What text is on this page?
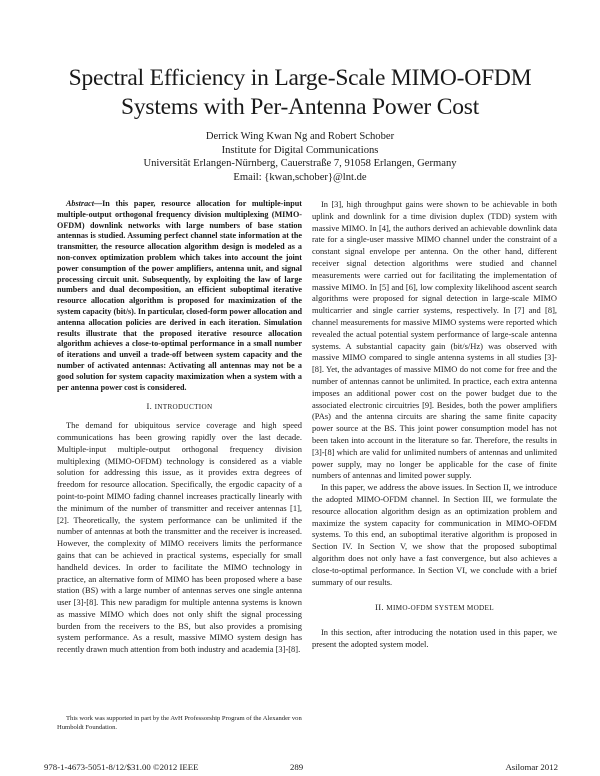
Spectral Efficiency in Large-Scale MIMO-OFDM Systems with Per-Antenna Power Cost
Derrick Wing Kwan Ng and Robert Schober
Institute for Digital Communications
Universität Erlangen-Nürnberg, Cauerstraße 7, 91058 Erlangen, Germany
Email: {kwan,schober}@lnt.de

Abstract—In this paper, resource allocation for multiple-input multiple-output orthogonal frequency division multiplexing (MIMO-OFDM) downlink networks with large numbers of base station antennas is studied. Assuming perfect channel state information at the transmitter, the resource allocation algorithm design is modeled as a non-convex optimization problem which takes into account the joint power consumption of the power amplifiers, antenna unit, and signal processing circuit unit. Subsequently, by exploiting the law of large numbers and dual decomposition, an efficient suboptimal iterative resource allocation algorithm is proposed for maximization of the system capacity (bit/s). In particular, closed-form power allocation and antenna allocation policies are derived in each iteration. Simulation results illustrate that the proposed iterative resource allocation algorithm achieves a close-to-optimal performance in a small number of iterations and unveil a trade-off between system capacity and the number of activated antennas: Activating all antennas may not be a good solution for system capacity maximization when a system with a per antenna power cost is considered.

I. INTRODUCTION

The demand for ubiquitous service coverage and high speed communications has been growing rapidly over the last decade. Multiple-input multiple-output orthogonal frequency division multiplexing (MIMO-OFDM) technology is considered as a viable solution for addressing this issue, as it provides extra degrees of freedom for resource allocation. Specifically, the ergodic capacity of a point-to-point MIMO fading channel increases practically linearly with the minimum of the number of transmitter and receiver antennas [1], [2]. Theoretically, the system performance can be unlimited if the number of antennas at both the transmitter and the receiver is increased. However, the complexity of MIMO receivers limits the performance gains that can be achieved in practical systems, especially for small handheld devices. In order to facilitate the MIMO technology in practice, an alternative form of MIMO has been proposed where a base station (BS) with a large number of antennas serves one single antenna user [3]-[8]. This new paradigm for multiple antenna systems is known as massive MIMO which does not only shift the signal processing burden from the receivers to the BS, but also provides a promising system performance. As a result, massive MIMO system design has recently drawn much attention from both industry and academia [3]-[8].

This work was supported in part by the AvH Professorship Program of the Alexander von Humboldt Foundation.

In [3], high throughput gains were shown to be achievable in both uplink and downlink for a time division duplex (TDD) system with massive MIMO. In [4], the authors derived an achievable downlink data rate for a single-user massive MIMO channel under the constraint of a constant signal envelope per antenna. On the other hand, different receiver signal detection algorithms were studied and channel measurements were carried out for facilitating the implementation of massive MIMO. In [5] and [6], low complexity likelihood ascent search algorithms were proposed for signal detection in large-scale MIMO multicarrier and single carrier systems, respectively. In [7] and [8], channel measurements for massive MIMO systems were reported which revealed the actual potential system performance of large-scale antenna systems. A substantial capacity gain (bit/s/Hz) was observed with massive MIMO compared to single antenna systems in all studies [3]-[8]. Yet, the advantages of massive MIMO do not come for free and the number of antennas cannot be unlimited. In practice, each extra antenna imposes an additional power cost on the power budget due to the associated electronic circuitries [9]. Besides, both the power amplifiers (PAs) and the antenna circuits are sharing the same finite capacity power source at the BS. This joint power consumption model has not been taken into account in the literature so far. Therefore, the results in [3]-[8] which are valid for unlimited numbers of antennas and unlimited power supply, may no longer be applicable for the case of finite numbers of antennas and limited power supply.

In this paper, we address the above issues. In Section II, we introduce the adopted MIMO-OFDM channel. In Section III, we formulate the resource allocation algorithm design as an optimization problem and maximize the system capacity for communication in MIMO-OFDM systems. To this end, an suboptimal iterative algorithm is proposed in Section IV. In Section V, we show that the proposed suboptimal algorithm does not only have a fast convergence, but also achieves a close-to-optimal performance. In Section VI, we conclude with a brief summary of our results.

II. MIMO-OFDM SYSTEM MODEL

In this section, after introducing the notation used in this paper, we present the adopted system model.

978-1-4673-5051-8/12/$31.00 ©2012 IEEE	289	Asilomar 2012
